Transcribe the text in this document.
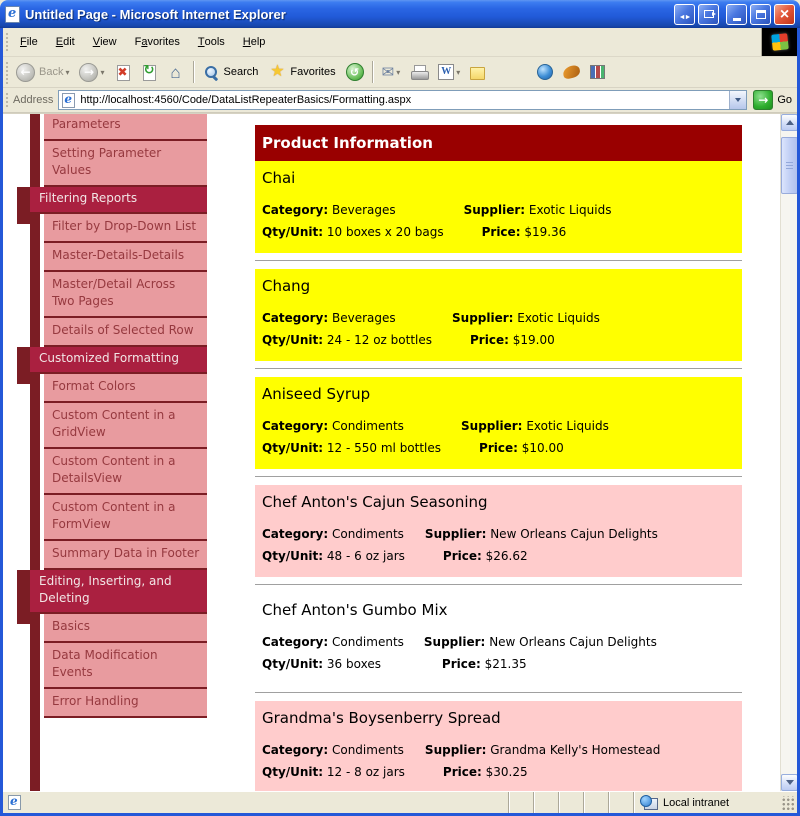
e
Untitled Page - Microsoft Internet Explorer
◄►
×
F ile E dit V iew F a vorites T ools H elp
←
Back ▾ →	▾ ✖ ↻ ⌂	Search ★	Favorites ↺ ✉	▾ W	▾
Address e http://localhost:4560/Code/DataListRepeaterBasics/Formatting.aspx →	Go
Parameters
Setting Parameter Values
Filtering Reports
Filter by Drop-Down List
Master-Details-Details
Master/Detail Across Two Pages
Details of Selected Row
Customized Formatting
Format Colors
Custom Content in a GridView
Custom Content in a DetailsView
Custom Content in a FormView
Summary Data in Footer
Editing, Inserting, and Deleting
Basics
Data Modification Events
Error Handling
Product Information
Chai
Category: Beverages	Supplier: Exotic Liquids
Qty/Unit: 10 boxes x 20 bags	Price: $19.36
Chang
Category: Beverages	Supplier: Exotic Liquids
Qty/Unit: 24 - 12 oz bottles	Price: $19.00
Aniseed Syrup
Category: Condiments	Supplier: Exotic Liquids
Qty/Unit: 12 - 550 ml bottles	Price: $10.00
Chef Anton's Cajun Seasoning
Category: Condiments	Supplier: New Orleans Cajun Delights
Qty/Unit: 48 - 6 oz jars	Price: $26.62
Chef Anton's Gumbo Mix
Category: Condiments	Supplier: New Orleans Cajun Delights
Qty/Unit: 36 boxes	Price: $21.35
Grandma's Boysenberry Spread
Category: Condiments	Supplier: Grandma Kelly's Homestead
Qty/Unit: 12 - 8 oz jars	Price: $30.25
e
Local intranet
